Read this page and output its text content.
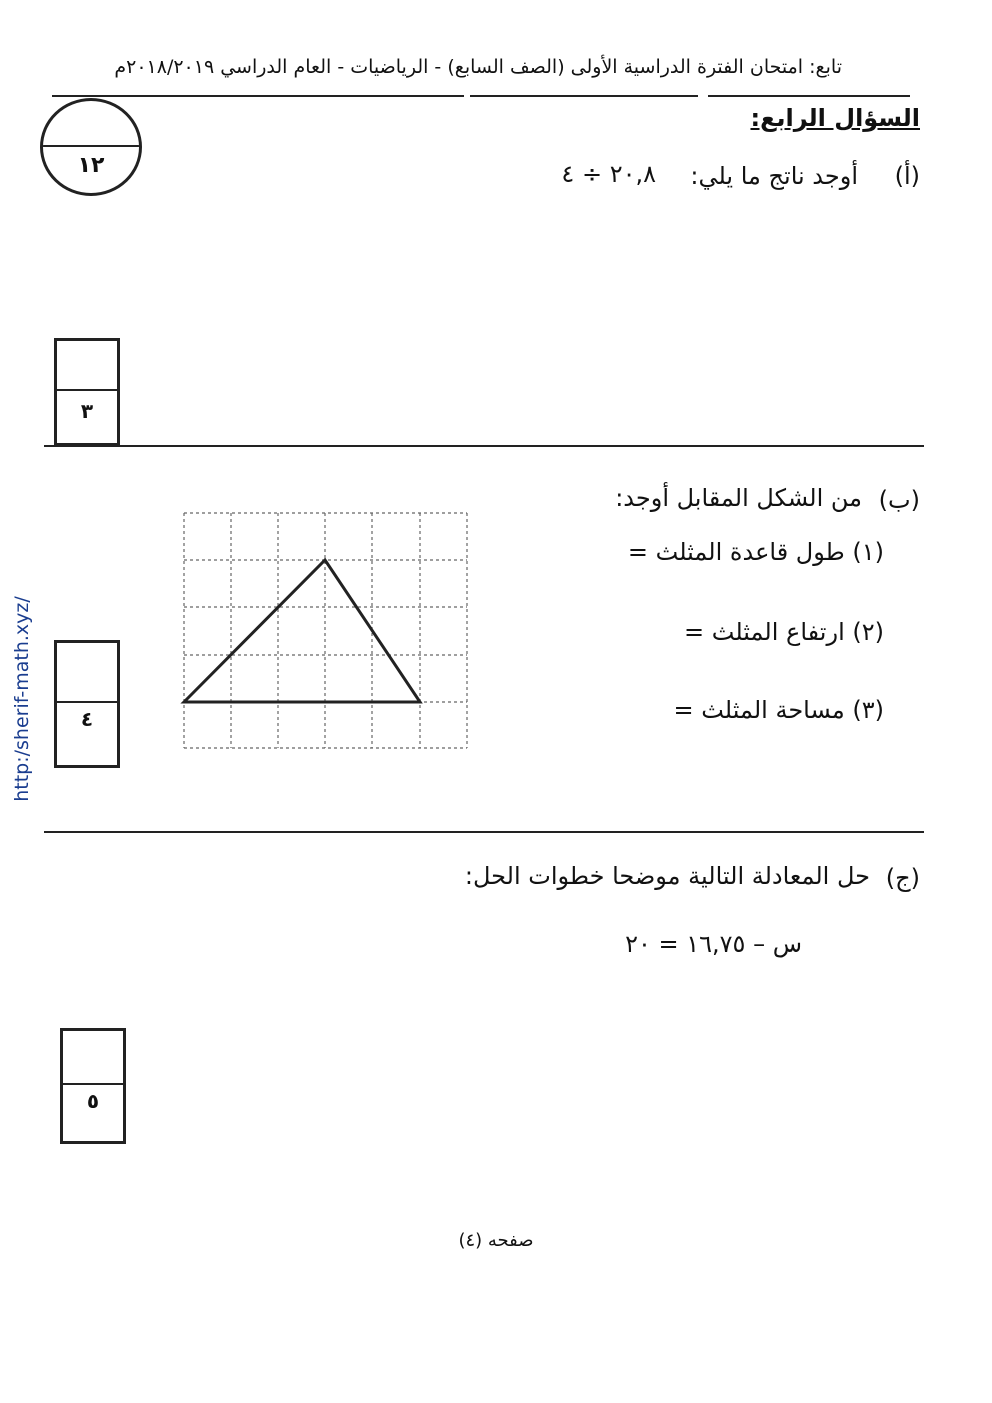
تابع: امتحان الفترة الدراسية الأولى (الصف السابع) - الرياضيات - العام الدراسي ٢٠١٨/٢٠١٩م
١٢
السؤال الرابع:
(أ)
أوجد ناتج ما يلي:
٢٠,٨ ÷ ٤
٣
(ب)
من الشكل المقابل أوجد:
(١) طول قاعدة المثلث =
(٢) ارتفاع المثلث =
(٣) مساحة المثلث =
٤
(ج)
حل المعادلة التالية موضحا خطوات الحل:
س – ١٦,٧٥ = ٢٠
٥
http:/sherif-math.xyz/
صفحه (٤)
